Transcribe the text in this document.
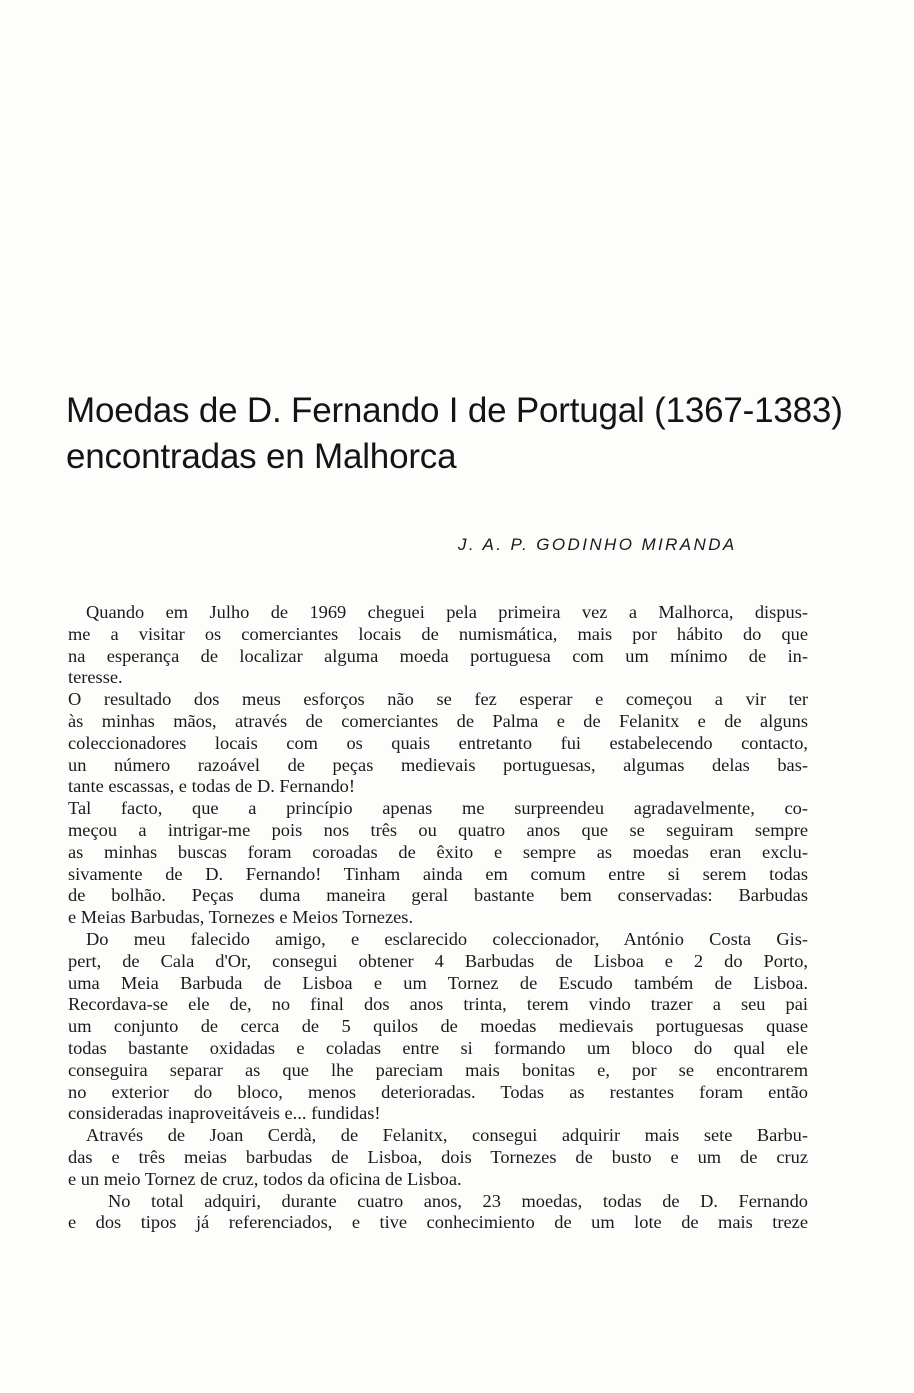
Moedas de D. Fernando I de Portugal (1367-1383)
encontradas en Malhorca

J. A. P. GODINHO MIRANDA

Quando em Julho de 1969 cheguei pela primeira vez a Malhorca, dispus-
me a visitar os comerciantes locais de numismática, mais por hábito do que
na esperança de localizar alguma moeda portuguesa com um mínimo de in-
teresse.
O resultado dos meus esforços não se fez esperar e começou a vir ter
às minhas mãos, através de comerciantes de Palma e de Felanitx e de alguns
coleccionadores locais com os quais entretanto fui estabelecendo contacto,
un número razoável de peças medievais portuguesas, algumas delas bas-
tante escassas, e todas de D. Fernando!
Tal facto, que a princípio apenas me surpreendeu agradavelmente, co-
meçou a intrigar-me pois nos três ou quatro anos que se seguiram sempre
as minhas buscas foram coroadas de êxito e sempre as moedas eran exclu-
sivamente de D. Fernando! Tinham ainda em comum entre si serem todas
de bolhão. Peças duma maneira geral bastante bem conservadas: Barbudas
e Meias Barbudas, Tornezes e Meios Tornezes.
Do meu falecido amigo, e esclarecido coleccionador, António Costa Gis-
pert, de Cala d'Or, consegui obtener 4 Barbudas de Lisboa e 2 do Porto,
uma Meia Barbuda de Lisboa e um Tornez de Escudo também de Lisboa.
Recordava-se ele de, no final dos anos trinta, terem vindo trazer a seu pai
um conjunto de cerca de 5 quilos de moedas medievais portuguesas quase
todas bastante oxidadas e coladas entre si formando um bloco do qual ele
conseguira separar as que lhe pareciam mais bonitas e, por se encontrarem
no exterior do bloco, menos deterioradas. Todas as restantes foram então
consideradas inaproveitáveis e... fundidas!
Através de Joan Cerdà, de Felanitx, consegui adquirir mais sete Barbu-
das e três meias barbudas de Lisboa, dois Tornezes de busto e um de cruz
e un meio Tornez de cruz, todos da oficina de Lisboa.
No total adquiri, durante cuatro anos, 23 moedas, todas de D. Fernando
e dos tipos já referenciados, e tive conhecimiento de um lote de mais treze
